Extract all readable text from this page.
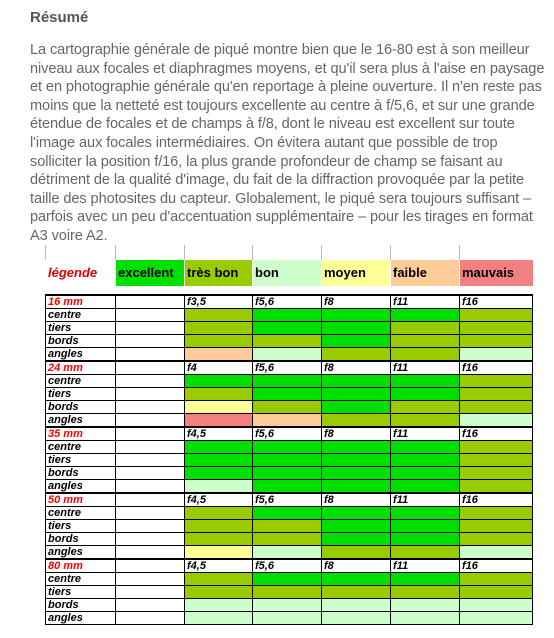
Résumé

La cartographie générale de piqué montre bien que le 16-80 est à son meilleur niveau aux focales et diaphragmes moyens, et qu'il sera plus à l'aise en paysage et en photographie générale qu'en reportage à pleine ouverture. Il n'en reste pas moins que la netteté est toujours excellente au centre à f/5,6, et sur une grande étendue de focales et de champs à f/8, dont le niveau est excellent sur toute l'image aux focales intermédiaires. On évitera autant que possible de trop solliciter la position f/16, la plus grande profondeur de champ se faisant au détriment de la qualité d'image, du fait de la diffraction provoquée par la petite taille des photosites du capteur. Globalement, le piqué sera toujours suffisant – parfois avec un peu d'accentuation supplémentaire – pour les tirages en format A3 voire A2.

légende	excellent	très bon	bon	moyen	faible	mauvais

16 mm		f3,5	f5,6	f8	f11	f16
centre						
tiers						
bords						
angles						
24 mm		f4	f5,6	f8	f11	f16
centre						
tiers						
bords						
angles						
35 mm		f4,5	f5,6	f8	f11	f16
centre						
tiers						
bords						
angles						
50 mm		f4,5	f5,6	f8	f11	f16
centre						
tiers						
bords						
angles						
80 mm		f4,5	f5,6	f8	f11	f16
centre						
tiers						
bords						
angles						
